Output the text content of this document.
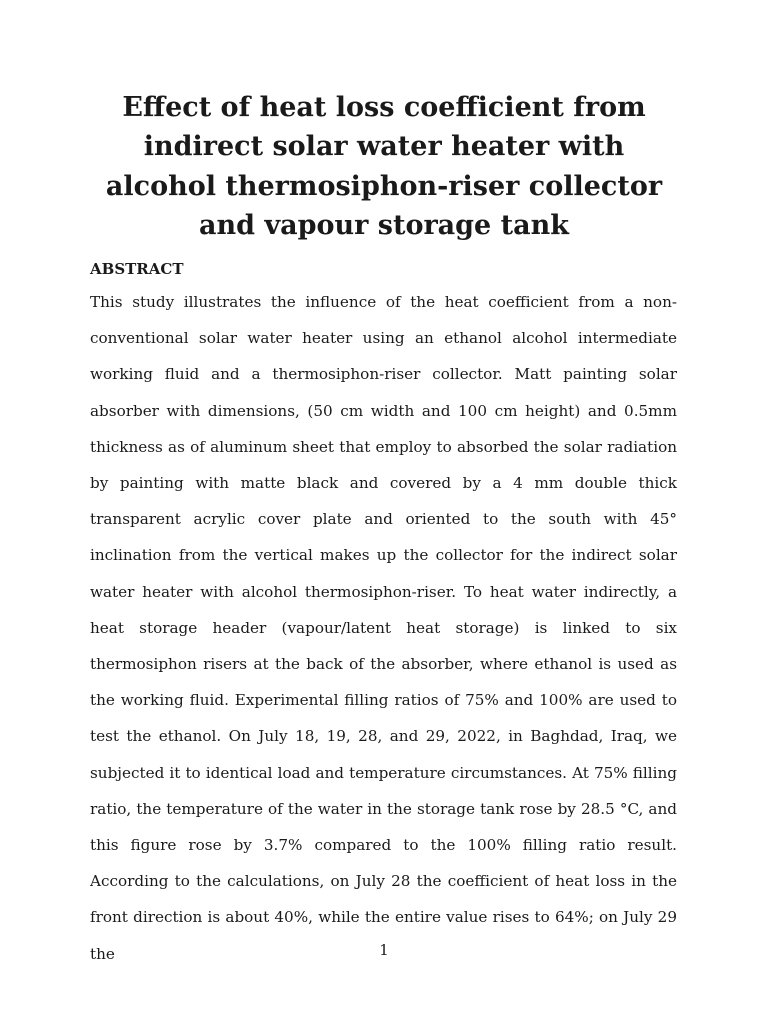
Effect of heat loss coefficient from indirect solar water heater with alcohol thermosiphon-riser collector and vapour storage tank
ABSTRACT

This study illustrates the influence of the heat coefficient from a non-conventional solar water heater using an ethanol alcohol intermediate working fluid and a thermosiphon-riser collector. Matt painting solar absorber with dimensions, (50 cm width and 100 cm height) and 0.5mm thickness as of aluminum sheet that employ to absorbed the solar radiation by painting with matte black and covered by a 4 mm double thick transparent acrylic cover plate and oriented to the south with 45° inclination from the vertical makes up the collector for the indirect solar water heater with alcohol thermosiphon-riser. To heat water indirectly, a heat storage header (vapour/latent heat storage) is linked to six thermosiphon risers at the back of the absorber, where ethanol is used as the working fluid. Experimental filling ratios of 75% and 100% are used to test the ethanol. On July 18, 19, 28, and 29, 2022, in Baghdad, Iraq, we subjected it to identical load and temperature circumstances. At 75% filling ratio, the temperature of the water in the storage tank rose by 28.5 °C, and this figure rose by 3.7% compared to the 100% filling ratio result. According to the calculations, on July 28 the coefficient of heat loss in the front direction is about 40%, while the entire value rises to 64%; on July 29 the	1
